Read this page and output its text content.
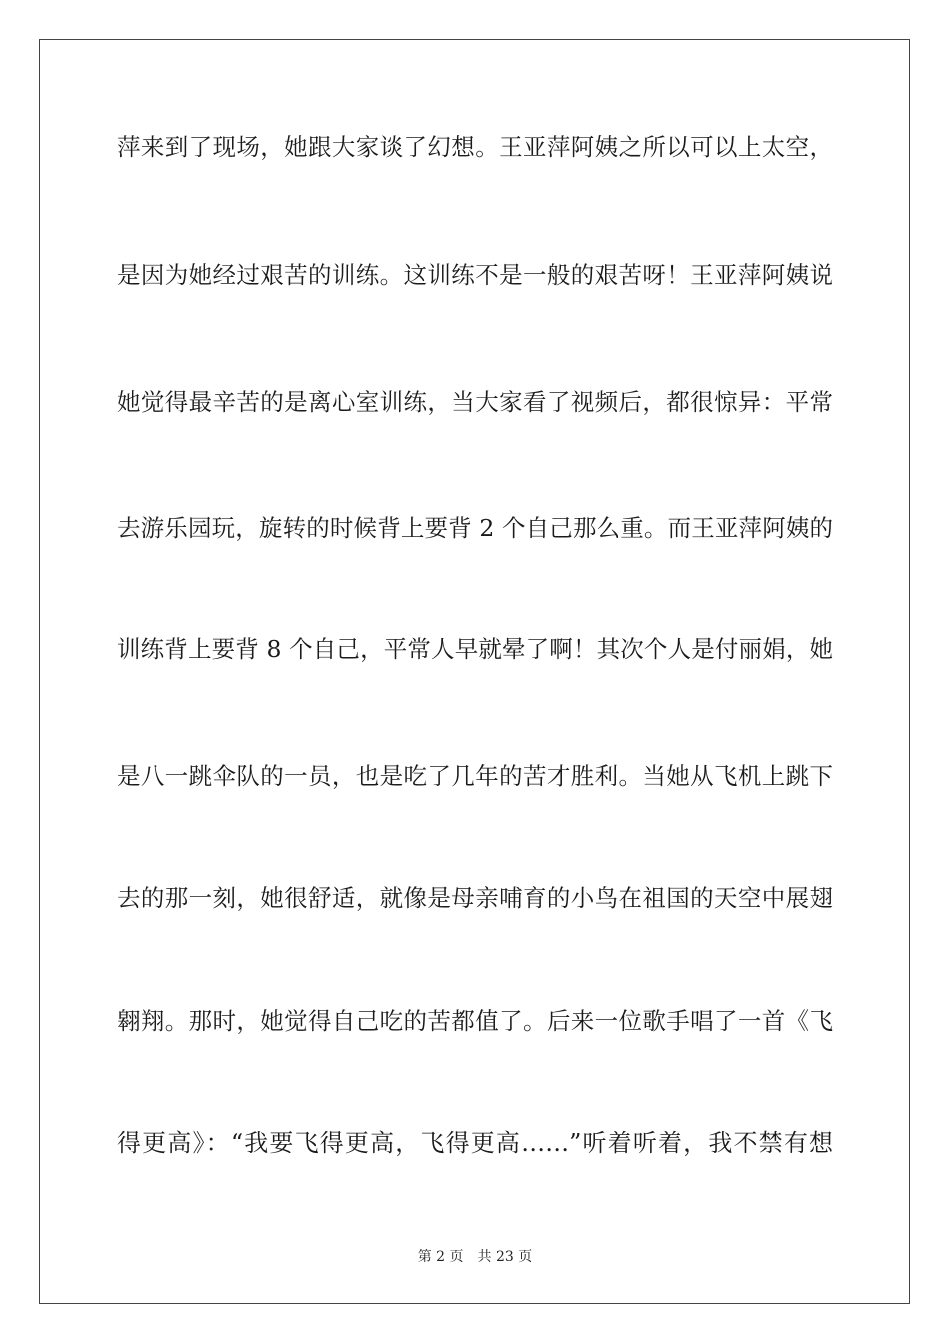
萍来到了现场，她跟大家谈了幻想。王亚萍阿姨之所以可以上太空，
是因为她经过艰苦的训练。这训练不是一般的艰苦呀！王亚萍阿姨说
她觉得最辛苦的是离心室训练，当大家看了视频后，都很惊异：平常
去游乐园玩，旋转的时候背上要背 2 个自己那么重。而王亚萍阿姨的
训练背上要背 8 个自己，平常人早就晕了啊！其次个人是付丽娟，她
是八一跳伞队的一员，也是吃了几年的苦才胜利。当她从飞机上跳下
去的那一刻，她很舒适，就像是母亲哺育的小鸟在祖国的天空中展翅
翱翔。那时，她觉得自己吃的苦都值了。后来一位歌手唱了一首《飞
得更高》：“我要飞得更高，飞得更高……”听着听着，我不禁有想
第 2 页 共 23 页
